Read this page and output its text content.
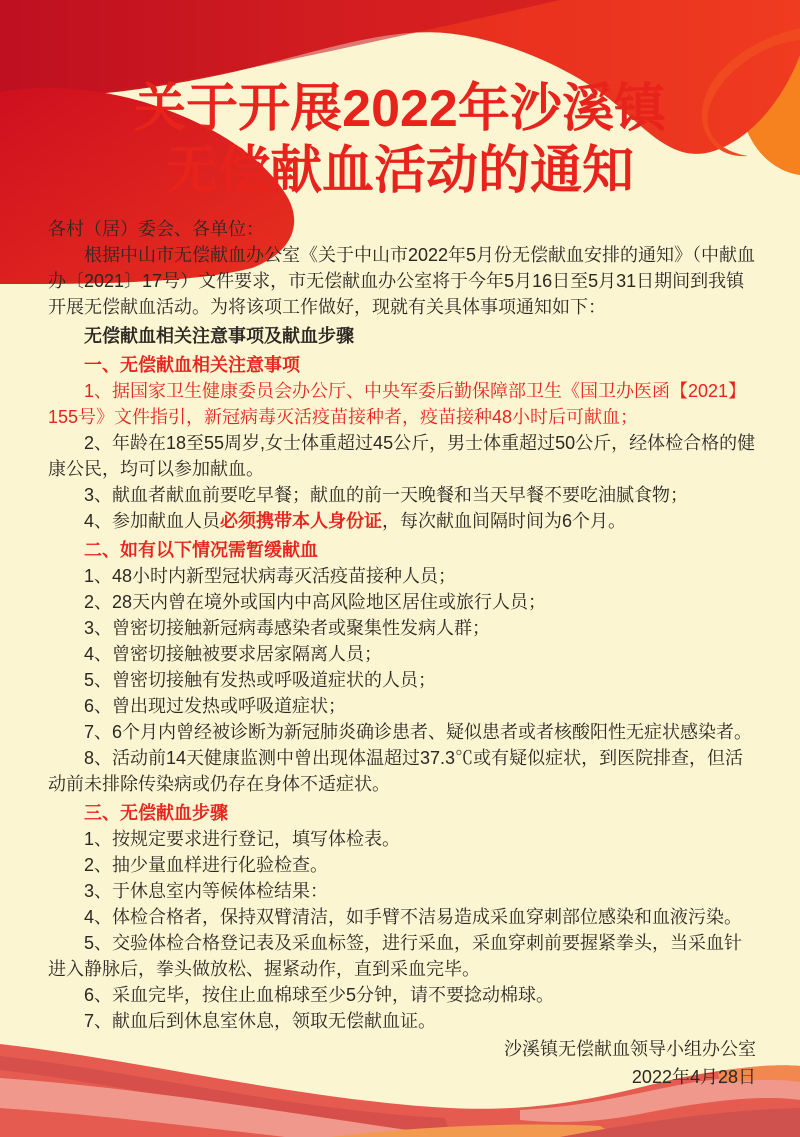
关于开展2022年沙溪镇
无偿献血活动的通知

各村（居）委会、各单位：

根据中山市无偿献血办公室《关于中山市2022年5月份无偿献血安排的通知》（中献血办〔2021〕17号）文件要求，市无偿献血办公室将于今年5月16日至5月31日期间到我镇开展无偿献血活动。为将该项工作做好，现就有关具体事项通知如下：

无偿献血相关注意事项及献血步骤

一、无偿献血相关注意事项

1、据国家卫生健康委员会办公厅、中央军委后勤保障部卫生《国卫办医函【2021】155号》文件指引，新冠病毒灭活疫苗接种者，疫苗接种48小时后可献血；

2、年龄在18至55周岁,女士体重超过45公斤，男士体重超过50公斤，经体检合格的健康公民，均可以参加献血。

3、献血者献血前要吃早餐；献血的前一天晚餐和当天早餐不要吃油腻食物；

4、参加献血人员必须携带本人身份证，每次献血间隔时间为6个月。

二、如有以下情况需暂缓献血

1、48小时内新型冠状病毒灭活疫苗接种人员；

2、28天内曾在境外或国内中高风险地区居住或旅行人员；

3、曾密切接触新冠病毒感染者或聚集性发病人群；

4、曾密切接触被要求居家隔离人员；

5、曾密切接触有发热或呼吸道症状的人员；

6、曾出现过发热或呼吸道症状；

7、6个月内曾经被诊断为新冠肺炎确诊患者、疑似患者或者核酸阳性无症状感染者。

8、活动前14天健康监测中曾出现体温超过37.3℃或有疑似症状，到医院排查，但活动前未排除传染病或仍存在身体不适症状。

三、无偿献血步骤

1、按规定要求进行登记，填写体检表。

2、抽少量血样进行化验检查。

3、于休息室内等候体检结果：

4、体检合格者，保持双臂清洁，如手臂不洁易造成采血穿刺部位感染和血液污染。

5、交验体检合格登记表及采血标签，进行采血，采血穿刺前要握紧拳头，当采血针进入静脉后，拳头做放松、握紧动作，直到采血完毕。

6、采血完毕，按住止血棉球至少5分钟，请不要捻动棉球。

7、献血后到休息室休息，领取无偿献血证。

沙溪镇无偿献血领导小组办公室

2022年4月28日
